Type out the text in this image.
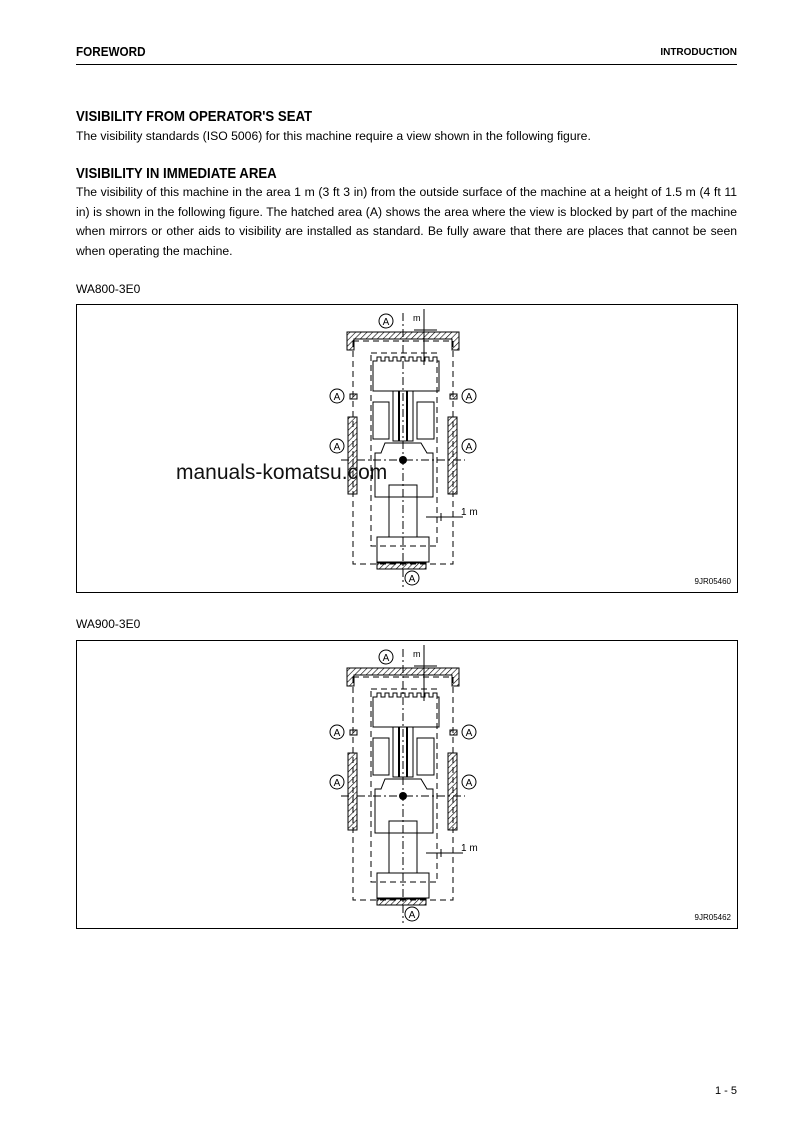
FOREWORD	INTRODUCTION
VISIBILITY FROM OPERATOR'S SEAT
The visibility standards (ISO 5006) for this machine require a view shown in the following figure.
VISIBILITY IN IMMEDIATE AREA
The visibility of this machine in the area 1 m (3 ft 3 in) from the outside surface of the machine at a height of 1.5 m (4 ft 11 in) is shown in the following figure. The hatched area (A) shows the area where the view is blocked by part of the machine when mirrors or other aids to visibility are installed as standard. Be fully aware that there are places that cannot be seen when operating the machine.
WA800-3E0
1 m
m
A
A
A
A
A
A	9JR05460
WA900-3E0
1 m
m
A
A
A
A
A
A	9JR05462
manuals-komatsu.com
1 - 5
